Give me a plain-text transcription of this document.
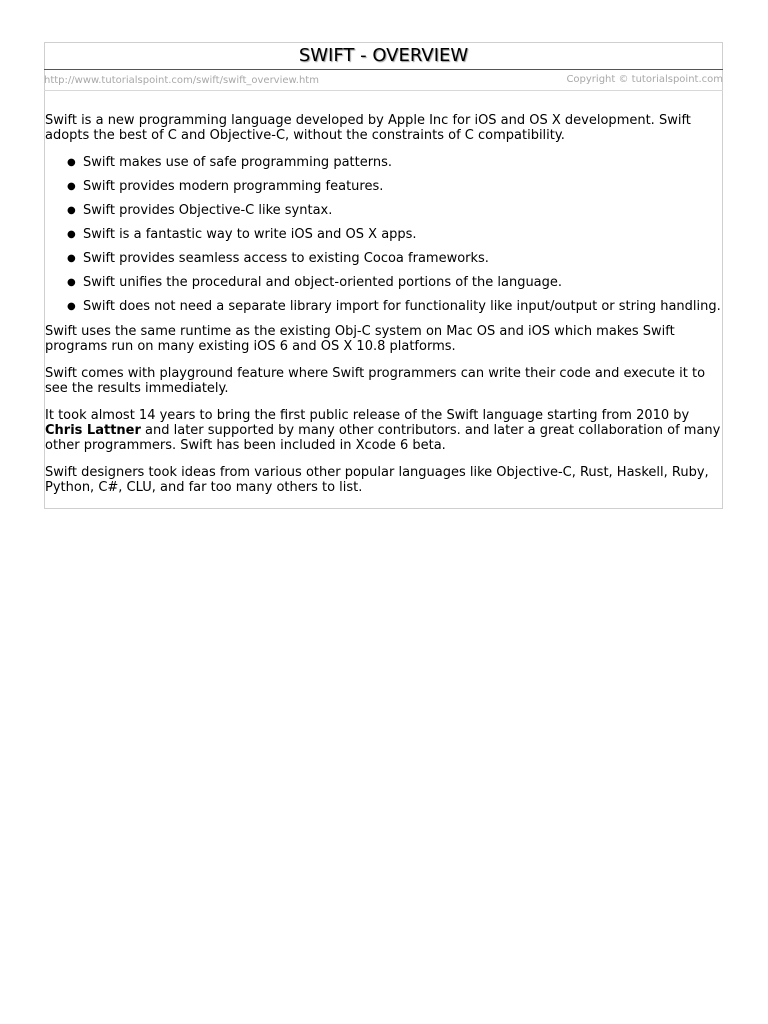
SWIFT - OVERVIEW
http://www.tutorialspoint.com/swift/swift_overview.htm	Copyright © tutorialspoint.com

Swift is a new programming language developed by Apple Inc for iOS and OS X development. Swift adopts the best of C and Objective-C, without the constraints of C compatibility.

● Swift makes use of safe programming patterns.
● Swift provides modern programming features.
● Swift provides Objective-C like syntax.
● Swift is a fantastic way to write iOS and OS X apps.
● Swift provides seamless access to existing Cocoa frameworks.
● Swift unifies the procedural and object-oriented portions of the language.
● Swift does not need a separate library import for functionality like input/output or string handling.

Swift uses the same runtime as the existing Obj-C system on Mac OS and iOS which makes Swift programs run on many existing iOS 6 and OS X 10.8 platforms.

Swift comes with playground feature where Swift programmers can write their code and execute it to see the results immediately.

It took almost 14 years to bring the first public release of the Swift language starting from 2010 by Chris Lattner and later supported by many other contributors. and later a great collaboration of many other programmers. Swift has been included in Xcode 6 beta.

Swift designers took ideas from various other popular languages like Objective-C, Rust, Haskell, Ruby, Python, C#, CLU, and far too many others to list.
